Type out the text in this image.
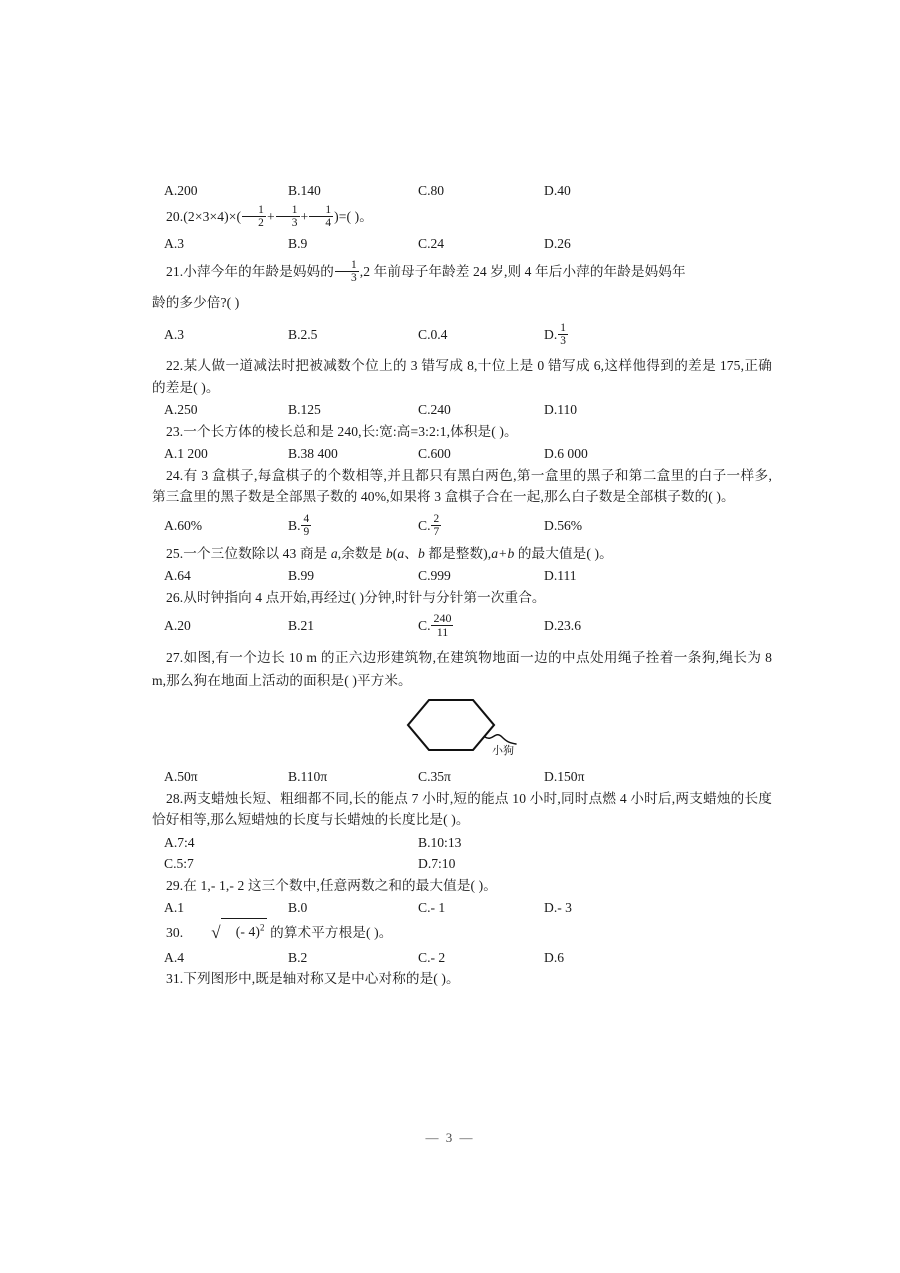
A.200	B.140	C.80	D.40

$20.(2\times 3\times 4)\times( \frac{1}{2} + \frac{1}{3} + \frac{1}{4}$ )=( )。

A.3	B.9	C.24	D.26

21.小萍今年的年龄是妈妈的 $\frac{1}{3} ,2$ 年前母子年龄差 24 岁,则 4 年后小萍的年龄是妈妈年

龄的多少倍?( )

A.3	B.2.5	C.0.4	D. $\frac{1}{3}$

22.某人做一道减法时把被减数个位上的 3 错写成 8,十位上是 0 错写成 6,这样他得到的差是 175,正确的差是( )。

A.250	B.125	C.240	D.110

23.一个长方体的棱长总和是 240,长:宽:高=3:2:1,体积是( )。

A.1 200	B.38 400	C.600	D.6 000

24.有 3 盒棋子,每盒棋子的个数相等,并且都只有黑白两色,第一盒里的黑子和第二盒里的白子一样多,第三盒里的黑子数是全部黑子数的 40%,如果将 3 盒棋子合在一起,那么白子数是全部棋子数的( )。

A.60%	B. $\frac{4}{9}$	C. $\frac{2}{7}$	D.56%

25.一个三位数除以 43 商是 a,余数是 b(a、b 都是整数),a+b 的最大值是( )。

A.64	B.99	C.999	D.111

26.从时钟指向 4 点开始,再经过( )分钟,时针与分针第一次重合。

A.20	B.21	C. $\frac{240}{11}$	D.23.6

27.如图,有一个边长 10 m 的正六边形建筑物,在建筑物地面一边的中点处用绳子拴着一条狗,绳长为 8 m,那么狗在地面上活动的面积是( )平方米。

小狗
A.50π	B.110π	C.35π	D.150π

28.两支蜡烛长短、粗细都不同,长的能点 7 小时,短的能点 10 小时,同时点燃 4 小时后,两支蜡烛的长度恰好相等,那么短蜡烛的长度与长蜡烛的长度比是( )。

A.7:4	B.10:13
C.5:7	D.7:10

29.在 1,- 1,- 2 这三个数中,任意两数之和的最大值是( )。

A.1	B.0	C.- 1	D.- 3

30. √ (- 4)$^2$ 的算术平方根是( )。

A.4	B.2	C.- 2	D.6

31.下列图形中,既是轴对称又是中心对称的是( )。

— 3 —
